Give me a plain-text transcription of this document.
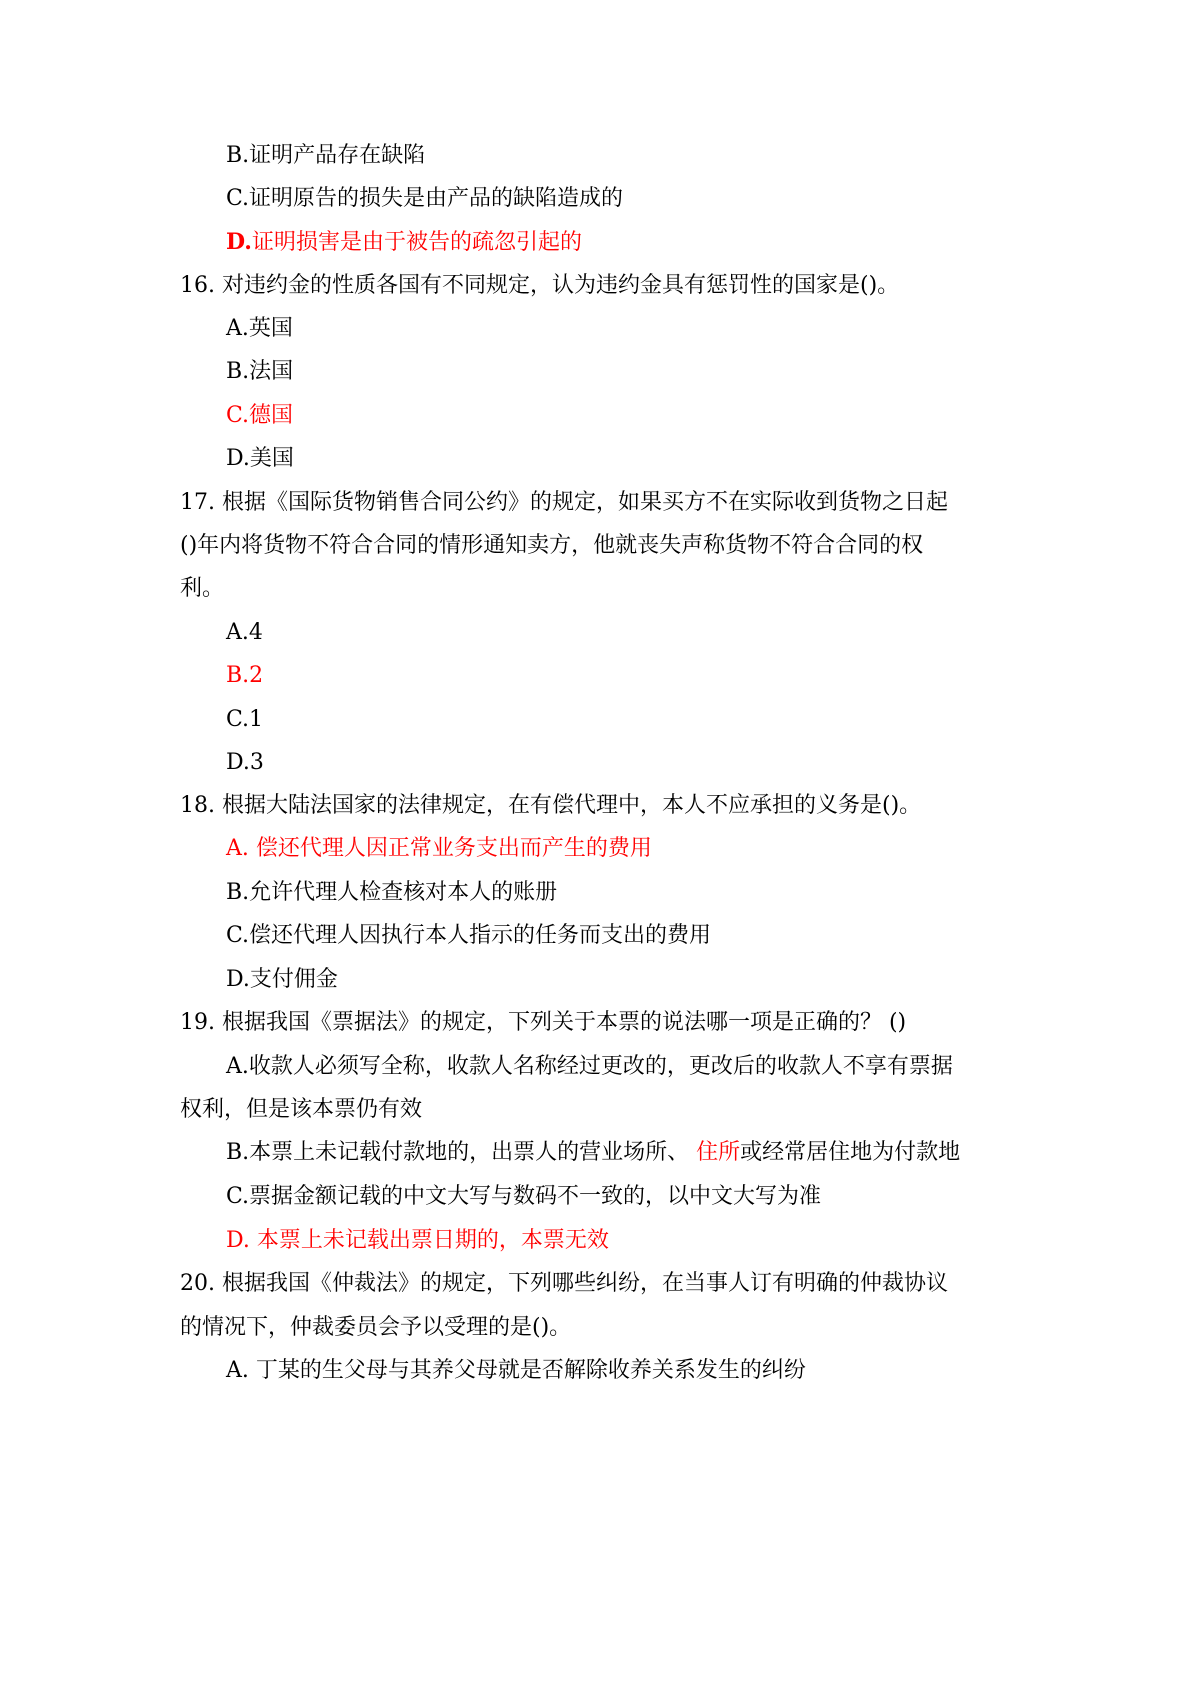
B.证明产品存在缺陷
C.证明原告的损失是由产品的缺陷造成的
D.证明损害是由于被告的疏忽引起的
16. 对违约金的性质各国有不同规定，认为违约金具有惩罚性的国家是()。
A.英国
B.法国
C.德国
D.美国
17. 根据《国际货物销售合同公约》的规定，如果买方不在实际收到货物之日起
()年内将货物不符合合同的情形通知卖方，他就丧失声称货物不符合合同的权
利。
A.4
B.2
C.1
D.3
18. 根据大陆法国家的法律规定，在有偿代理中，本人不应承担的义务是()。
A. 偿还代理人因正常业务支出而产生的费用
B.允许代理人检查核对本人的账册
C.偿还代理人因执行本人指示的任务而支出的费用
D.支付佣金
19. 根据我国《票据法》的规定，下列关于本票的说法哪一项是正确的？ ()
A.收款人必须写全称，收款人名称经过更改的，更改后的收款人不享有票据
权利，但是该本票仍有效
B.本票上未记载付款地的，出票人的营业场所、 住所或经常居住地为付款地
C.票据金额记载的中文大写与数码不一致的，以中文大写为准
D. 本票上未记载出票日期的，本票无效
20. 根据我国《仲裁法》的规定，下列哪些纠纷，在当事人订有明确的仲裁协议
的情况下，仲裁委员会予以受理的是()。
A. 丁某的生父母与其养父母就是否解除收养关系发生的纠纷
